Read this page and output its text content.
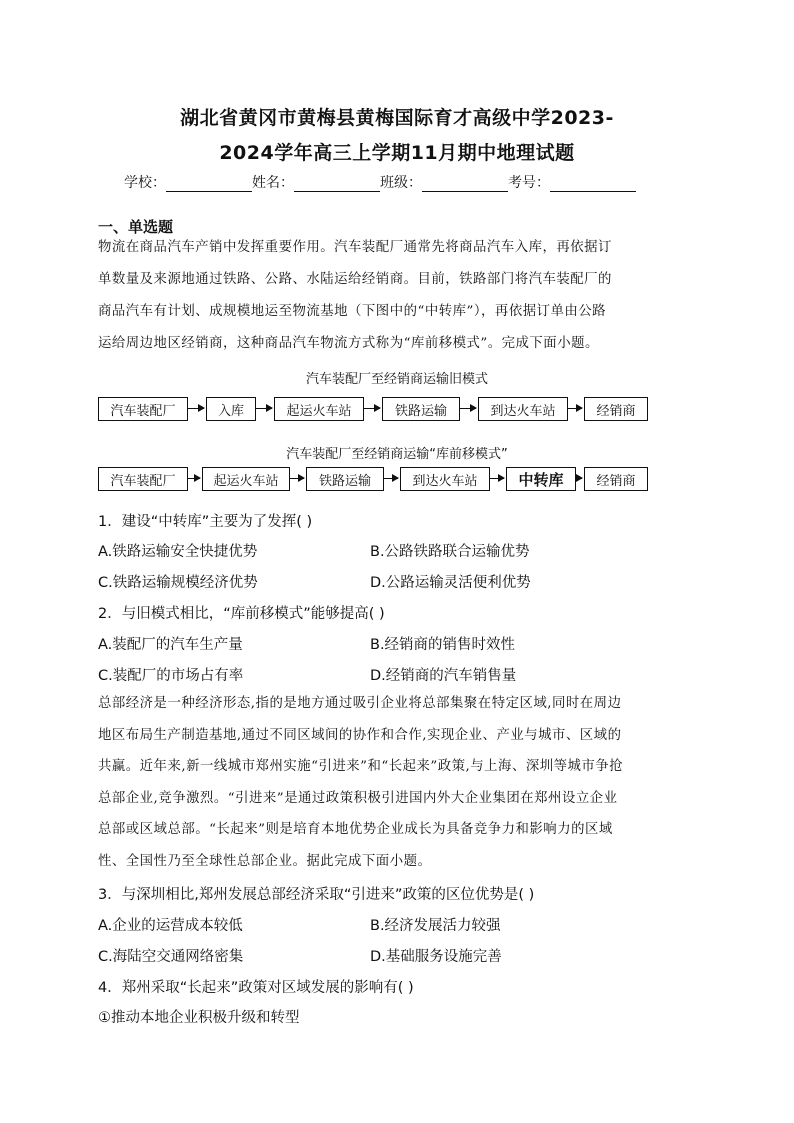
湖北省黄冈市黄梅县黄梅国际育才高级中学2023-
2024学年高三上学期11月期中地理试题
学校：	姓名：	班级：	考号：
一、单选题
物流在商品汽车产销中发挥重要作用。汽车装配厂通常先将商品汽车入库，再依据订
单数量及来源地通过铁路、公路、水陆运给经销商。目前，铁路部门将汽车装配厂的
商品汽车有计划、成规模地运至物流基地（下图中的“中转库”），再依据订单由公路
运给周边地区经销商，这种商品汽车物流方式称为“库前移模式”。完成下面小题。
汽车装配厂至经销商运输旧模式
汽车装配厂	入库	起运火车站	铁路运输	到达火车站	经销商
汽车装配厂至经销商运输“库前移模式”
汽车装配厂	起运火车站	铁路运输	到达火车站	中转库	经销商
1．建设“中转库”主要为了发挥( )
A.铁路运输安全快捷优势	B.公路铁路联合运输优势
C.铁路运输规模经济优势	D.公路运输灵活便利优势
2．与旧模式相比，“库前移模式”能够提高( )
A.装配厂的汽车生产量	B.经销商的销售时效性
C.装配厂的市场占有率	D.经销商的汽车销售量
总部经济是一种经济形态,指的是地方通过吸引企业将总部集聚在特定区域,同时在周边
地区布局生产制造基地,通过不同区域间的协作和合作,实现企业、产业与城市、区域的
共赢。近年来,新一线城市郑州实施“引进来”和“长起来”政策,与上海、深圳等城市争抢
总部企业,竞争激烈。“引进来”是通过政策积极引进国内外大企业集团在郑州设立企业
总部或区域总部。“长起来”则是培育本地优势企业成长为具备竞争力和影响力的区域
性、全国性乃至全球性总部企业。据此完成下面小题。
3．与深圳相比,郑州发展总部经济采取“引进来”政策的区位优势是( )
A.企业的运营成本较低	B.经济发展活力较强
C.海陆空交通网络密集	D.基础服务设施完善
4．郑州采取“长起来”政策对区域发展的影响有( )
①推动本地企业积极升级和转型
